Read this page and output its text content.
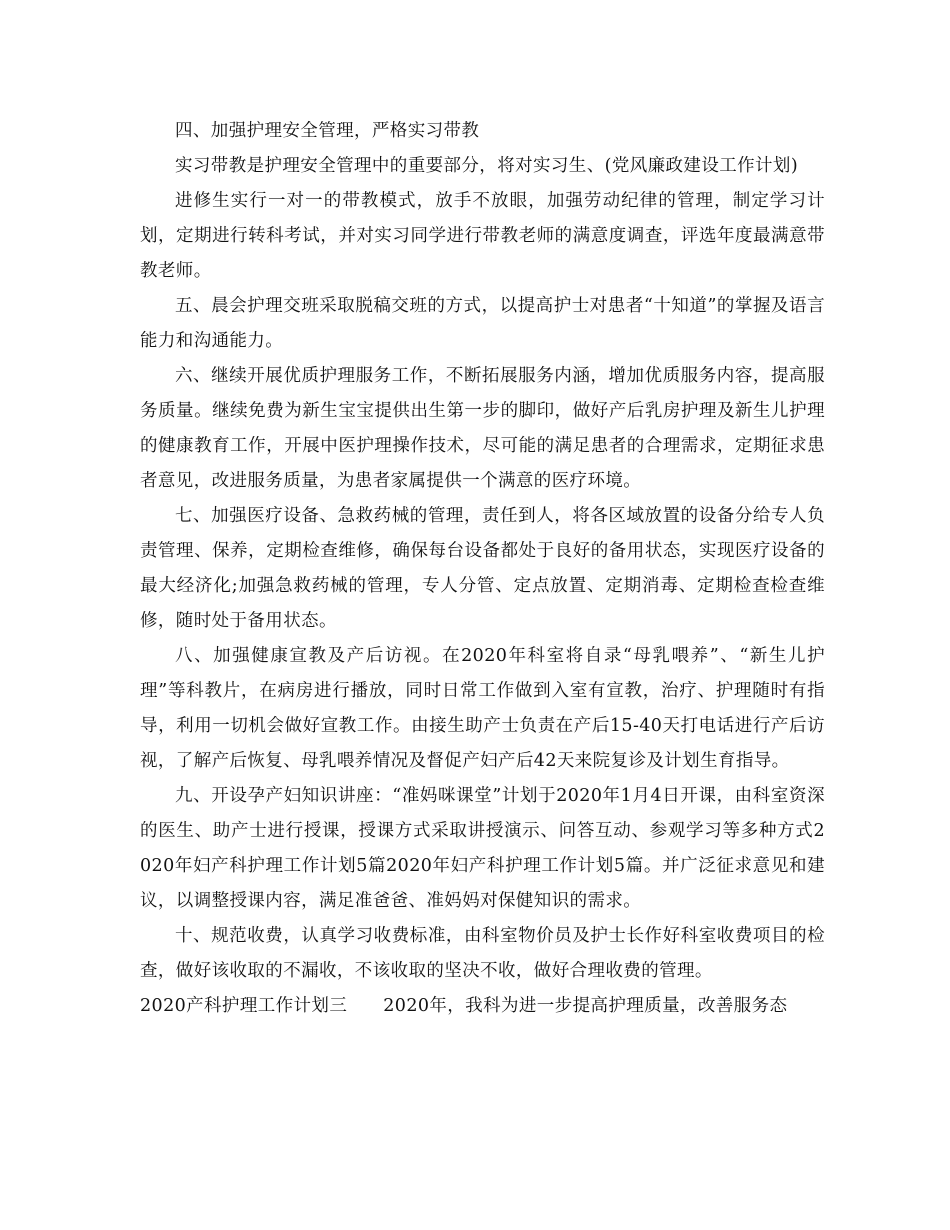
四、加强护理安全管理，严格实习带教

实习带教是护理安全管理中的重要部分，将对实习生、(党风廉政建设工作计划)

进修生实行一对一的带教模式，放手不放眼，加强劳动纪律的管理，制定学习计划，定期进行转科考试，并对实习同学进行带教老师的满意度调查，评选年度最满意带教老师。

五、晨会护理交班采取脱稿交班的方式，以提高护士对患者“十知道”的掌握及语言能力和沟通能力。

六、继续开展优质护理服务工作，不断拓展服务内涵，增加优质服务内容，提高服务质量。继续免费为新生宝宝提供出生第一步的脚印，做好产后乳房护理及新生儿护理的健康教育工作，开展中医护理操作技术，尽可能的满足患者的合理需求，定期征求患者意见，改进服务质量，为患者家属提供一个满意的医疗环境。

七、加强医疗设备、急救药械的管理，责任到人，将各区域放置的设备分给专人负责管理、保养，定期检查维修，确保每台设备都处于良好的备用状态，实现医疗设备的最大经济化;加强急救药械的管理，专人分管、定点放置、定期消毒、定期检查检查维修，随时处于备用状态。

八、加强健康宣教及产后访视。在2020年科室将自录“母乳喂养”、“新生儿护理”等科教片，在病房进行播放，同时日常工作做到入室有宣教，治疗、护理随时有指导，利用一切机会做好宣教工作。由接生助产士负责在产后15-40天打电话进行产后访视，了解产后恢复、母乳喂养情况及督促产妇产后42天来院复诊及计划生育指导。

九、开设孕产妇知识讲座：“准妈咪课堂”计划于2020年1月4日开课，由科室资深的医生、助产士进行授课，授课方式采取讲授演示、问答互动、参观学习等多种方式2020年妇产科护理工作计划5篇2020年妇产科护理工作计划5篇。并广泛征求意见和建议，以调整授课内容，满足准爸爸、准妈妈对保健知识的需求。

十、规范收费，认真学习收费标准，由科室物价员及护士长作好科室收费项目的检查，做好该收取的不漏收，不该收取的坚决不收，做好合理收费的管理。

2020产科护理工作计划三 2020年，我科为进一步提高护理质量，改善服务态
